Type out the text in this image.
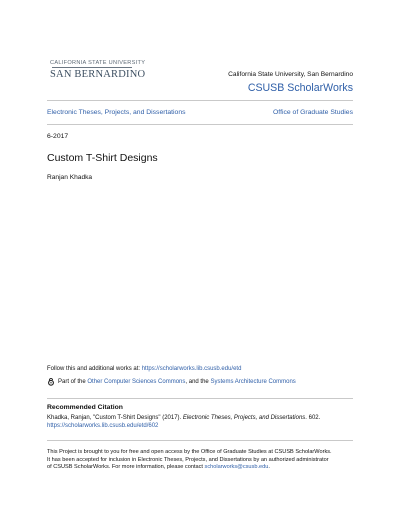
CALIFORNIA STATE UNIVERSITY
SAN BERNARDINO	California State University, San Bernardino
CSUSB ScholarWorks
Electronic Theses, Projects, and Dissertations	Office of Graduate Studies
6-2017
Custom T-Shirt Designs
Ranjan Khadka
Follow this and additional works at: https://scholarworks.lib.csusb.edu/etd
Part of the Other Computer Sciences Commons, and the Systems Architecture Commons
Recommended Citation
Khadka, Ranjan, "Custom T-Shirt Designs" (2017). Electronic Theses, Projects, and Dissertations. 602.
https://scholarworks.lib.csusb.edu/etd/602
This Project is brought to you for free and open access by the Office of Graduate Studies at CSUSB ScholarWorks.
It has been accepted for inclusion in Electronic Theses, Projects, and Dissertations by an authorized administrator
of CSUSB ScholarWorks. For more information, please contact scholarworks@csusb.edu.
